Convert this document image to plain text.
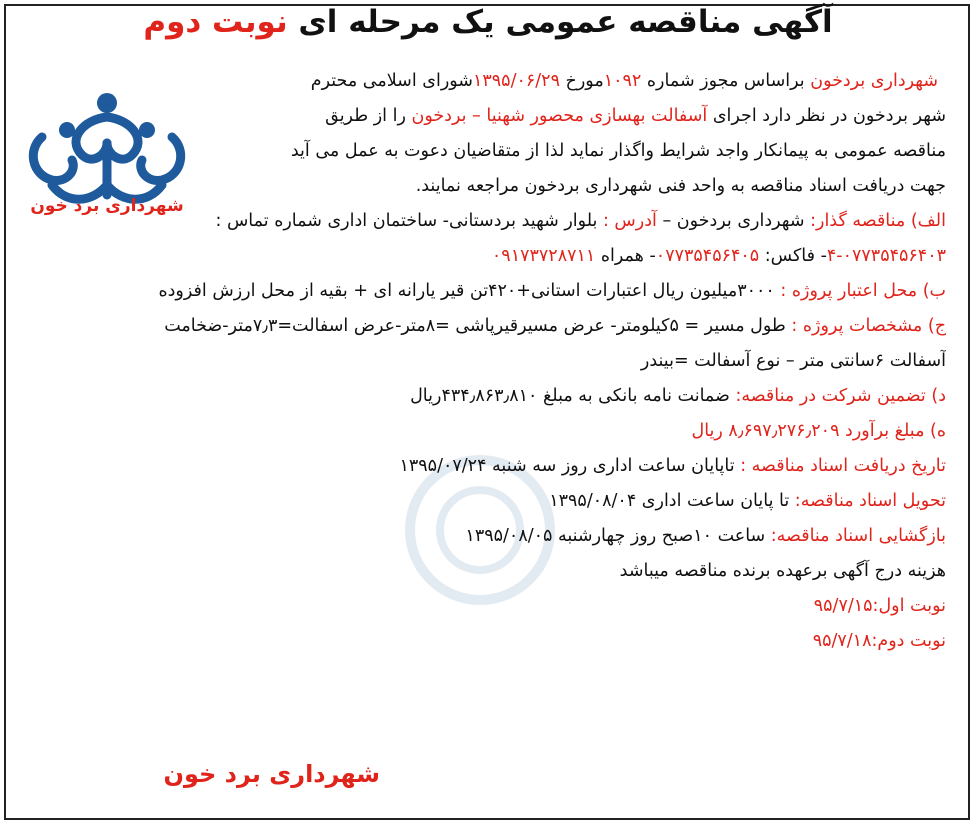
آگهی مناقصه عمومی یک مرحله ای نوبت دوم
شهرداری برد خون
شهرداری بردخون براساس مجوز شماره ۱۰۹۲مورخ ۱۳۹۵/۰۶/۲۹شورای اسلامی محترم
شهر بردخون در نظر دارد اجرای آسفالت بهسازی محصور شهنیا – بردخون را از طریق
مناقصه عمومی به پیمانکار واجد شرایط واگذار نماید لذا از متقاضیان دعوت به عمل می آید
جهت دریافت اسناد مناقصه به واحد فنی شهرداری بردخون مراجعه نمایند.
الف) مناقصه گذار: شهرداری بردخون – آدرس : بلوار شهید بردستانی- ساختمان اداری شماره تماس :
۴-۰۷۷۳۵۴۵۶۴۰۳- فاکس: ۰۷۷۳۵۴۵۶۴۰۵- همراه ۰۹۱۷۳۷۲۸۷۱۱
ب) محل اعتبار پروژه : ۳۰۰۰میلیون ریال اعتبارات استانی+۴۲۰تن قیر یارانه ای + بقیه از محل ارزش افزوده
ج) مشخصات پروژه : طول مسیر = ۵کیلومتر- عرض مسیرقیرپاشی =۸متر-عرض اسفالت=۷٫۳متر-ضخامت
آسفالت ۶سانتی متر – نوع آسفالت =بیندر
د) تضمین شرکت در مناقصه: ضمانت نامه بانکی به مبلغ ۴۳۴٫۸۶۳٫۸۱۰ریال
ه) مبلغ برآورد ۸٫۶۹۷٫۲۷۶٫۲۰۹ ریال
تاریخ دریافت اسناد مناقصه : تاپایان ساعت اداری روز سه شنبه ۱۳۹۵/۰۷/۲۴
تحویل اسناد مناقصه: تا پایان ساعت اداری ۱۳۹۵/۰۸/۰۴
بازگشایی اسناد مناقصه: ساعت ۱۰صبح روز چهارشنبه ۱۳۹۵/۰۸/۰۵
هزینه درج آگهی برعهده برنده مناقصه میباشد
نوبت اول:۹۵/۷/۱۵
نوبت دوم:۹۵/۷/۱۸
شهرداری برد خون
